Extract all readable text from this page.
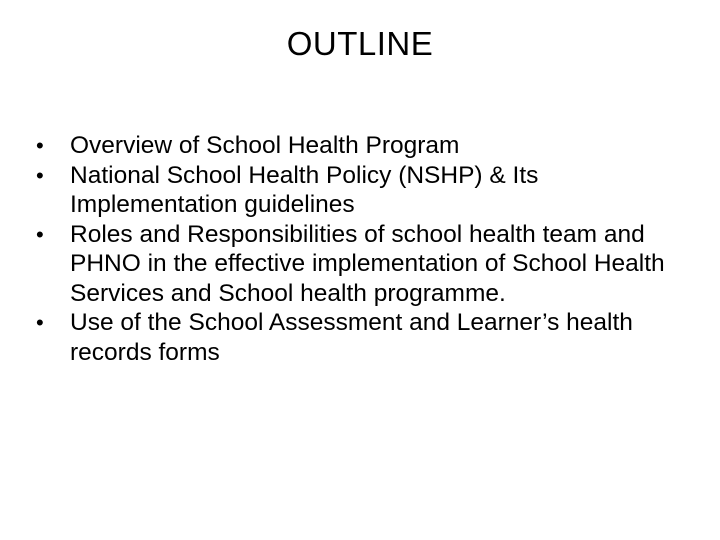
OUTLINE
•	Overview of School Health Program
•	National School Health Policy (NSHP) & Its Implementation guidelines
•	Roles and Responsibilities of school health team and PHNO in the effective implementation of School Health Services and School health programme.
•	Use of the School Assessment and Learner’s health records forms
